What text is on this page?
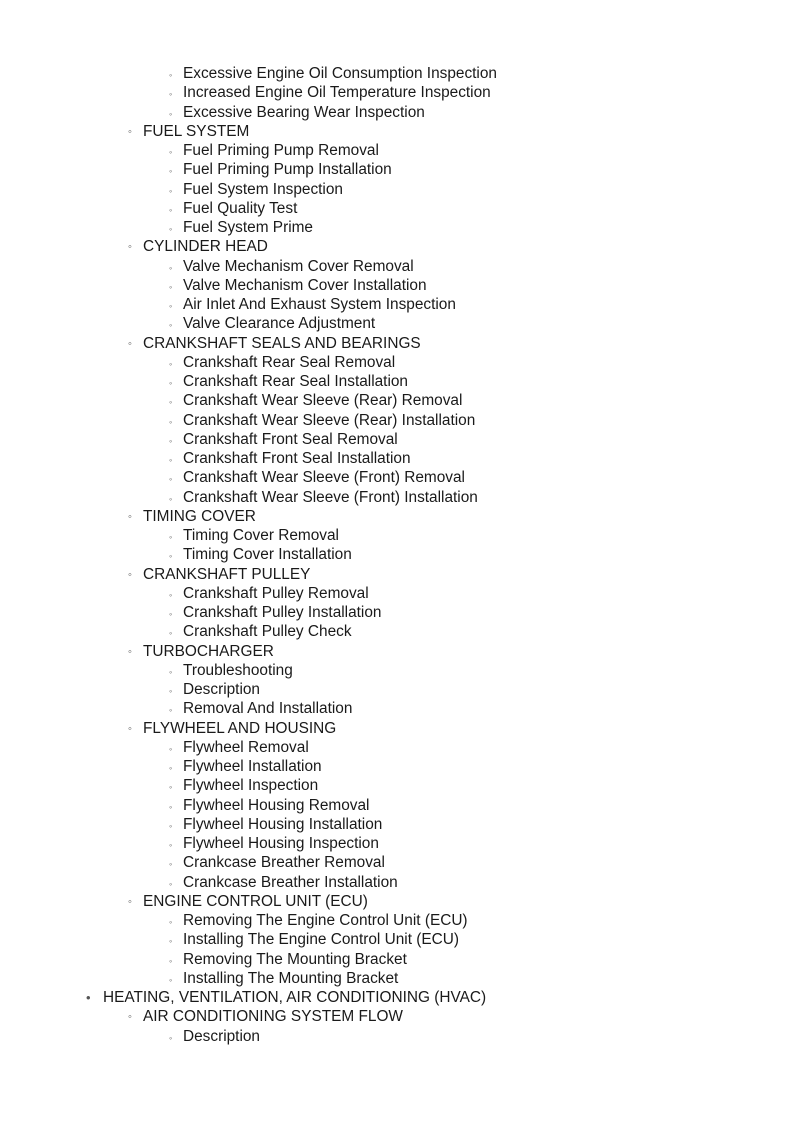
◦ Excessive Engine Oil Consumption Inspection
◦ Increased Engine Oil Temperature Inspection
◦ Excessive Bearing Wear Inspection
◦ FUEL SYSTEM
◦ Fuel Priming Pump Removal
◦ Fuel Priming Pump Installation
◦ Fuel System Inspection
◦ Fuel Quality Test
◦ Fuel System Prime
◦ CYLINDER HEAD
◦ Valve Mechanism Cover Removal
◦ Valve Mechanism Cover Installation
◦ Air Inlet And Exhaust System Inspection
◦ Valve Clearance Adjustment
◦ CRANKSHAFT SEALS AND BEARINGS
◦ Crankshaft Rear Seal Removal
◦ Crankshaft Rear Seal Installation
◦ Crankshaft Wear Sleeve (Rear) Removal
◦ Crankshaft Wear Sleeve (Rear) Installation
◦ Crankshaft Front Seal Removal
◦ Crankshaft Front Seal Installation
◦ Crankshaft Wear Sleeve (Front) Removal
◦ Crankshaft Wear Sleeve (Front) Installation
◦ TIMING COVER
◦ Timing Cover Removal
◦ Timing Cover Installation
◦ CRANKSHAFT PULLEY
◦ Crankshaft Pulley Removal
◦ Crankshaft Pulley Installation
◦ Crankshaft Pulley Check
◦ TURBOCHARGER
◦ Troubleshooting
◦ Description
◦ Removal And Installation
◦ FLYWHEEL AND HOUSING
◦ Flywheel Removal
◦ Flywheel Installation
◦ Flywheel Inspection
◦ Flywheel Housing Removal
◦ Flywheel Housing Installation
◦ Flywheel Housing Inspection
◦ Crankcase Breather Removal
◦ Crankcase Breather Installation
◦ ENGINE CONTROL UNIT (ECU)
◦ Removing The Engine Control Unit (ECU)
◦ Installing The Engine Control Unit (ECU)
◦ Removing The Mounting Bracket
◦ Installing The Mounting Bracket
• HEATING, VENTILATION, AIR CONDITIONING (HVAC)
◦ AIR CONDITIONING SYSTEM FLOW
◦ Description
